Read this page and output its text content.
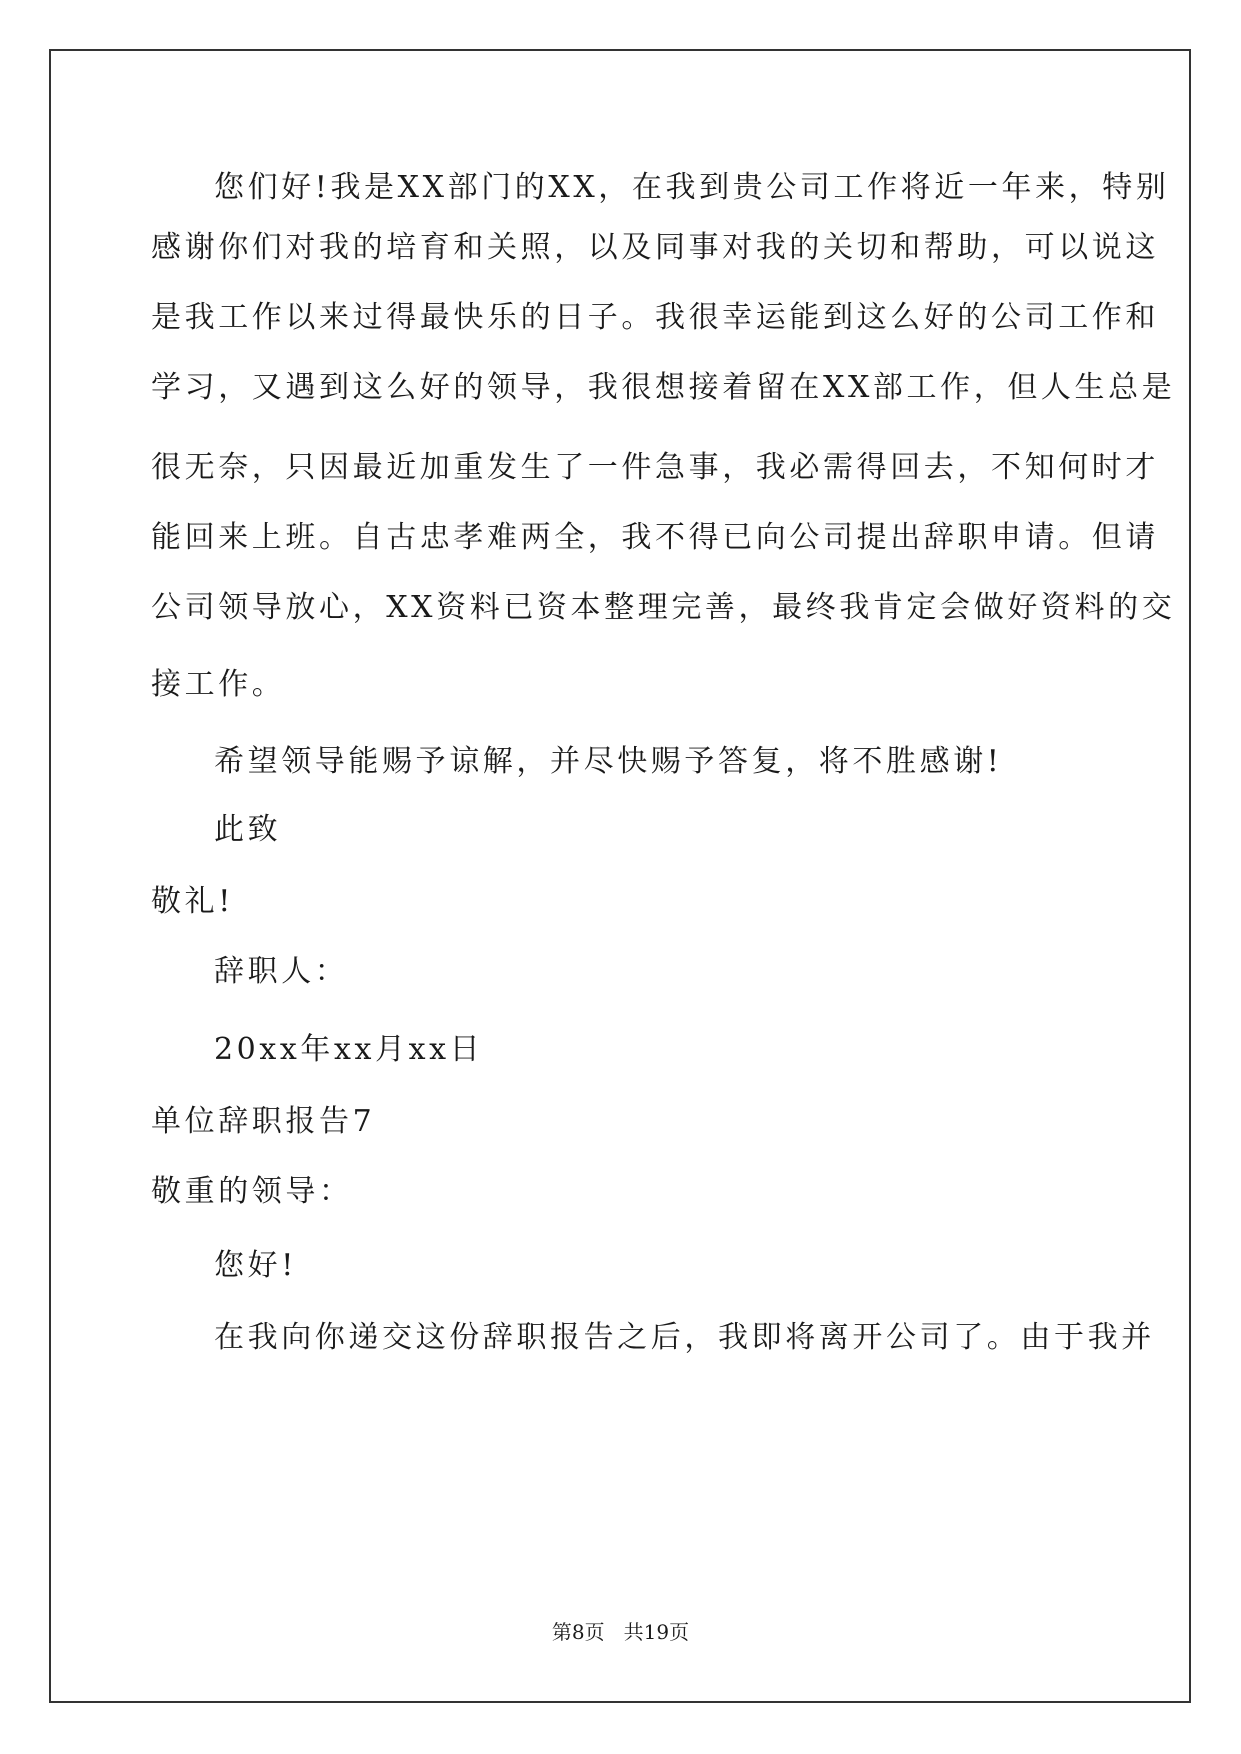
您们好!我是XX部门的XX，在我到贵公司工作将近一年来，特别
感谢你们对我的培育和关照，以及同事对我的关切和帮助，可以说这
是我工作以来过得最快乐的日子。我很幸运能到这么好的公司工作和
学习，又遇到这么好的领导，我很想接着留在XX部工作，但人生总是
很无奈，只因最近加重发生了一件急事，我必需得回去，不知何时才
能回来上班。自古忠孝难两全，我不得已向公司提出辞职申请。但请
公司领导放心，XX资料已资本整理完善，最终我肯定会做好资料的交
接工作。
希望领导能赐予谅解，并尽快赐予答复，将不胜感谢!
此致
敬礼!
辞职人：
20xx年xx月xx日
单位辞职报告7
敬重的领导：
您好!
在我向你递交这份辞职报告之后，我即将离开公司了。由于我并
第8页 共19页
